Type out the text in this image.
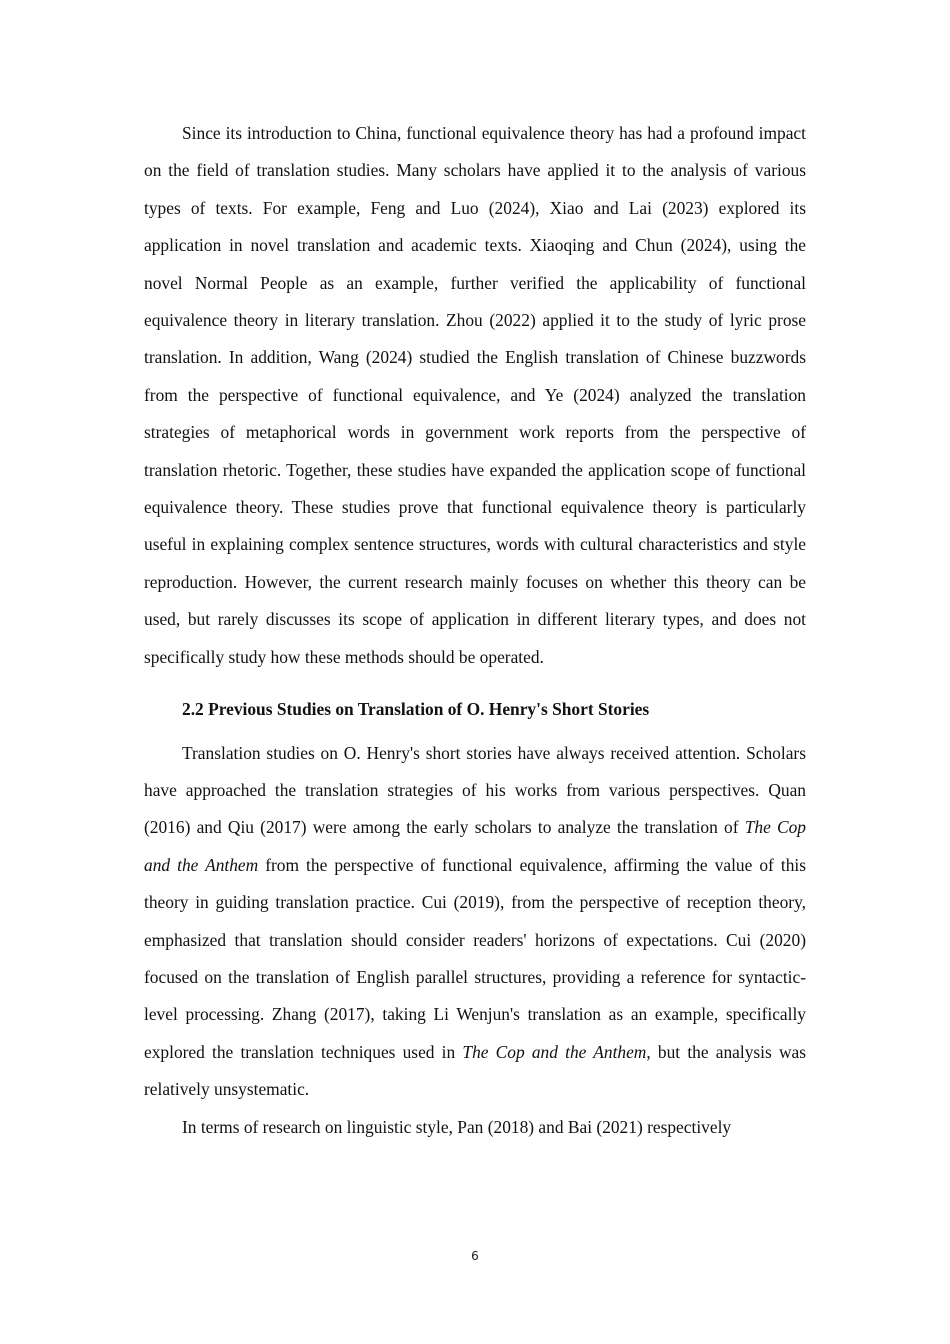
Since its introduction to China, functional equivalence theory has had a profound impact on the field of translation studies. Many scholars have applied it to the analysis of various types of texts. For example, Feng and Luo (2024), Xiao and Lai (2023) explored its application in novel translation and academic texts. Xiaoqing and Chun (2024), using the novel Normal People as an example, further verified the applicability of functional equivalence theory in literary translation. Zhou (2022) applied it to the study of lyric prose translation. In addition, Wang (2024) studied the English translation of Chinese buzzwords from the perspective of functional equivalence, and Ye (2024) analyzed the translation strategies of metaphorical words in government work reports from the perspective of translation rhetoric. Together, these studies have expanded the application scope of functional equivalence theory. These studies prove that functional equivalence theory is particularly useful in explaining complex sentence structures, words with cultural characteristics and style reproduction. However, the current research mainly focuses on whether this theory can be used, but rarely discusses its scope of application in different literary types, and does not specifically study how these methods should be operated.

2.2 Previous Studies on Translation of O. Henry's Short Stories

Translation studies on O. Henry's short stories have always received attention. Scholars have approached the translation strategies of his works from various perspectives. Quan (2016) and Qiu (2017) were among the early scholars to analyze the translation of The Cop and the Anthem from the perspective of functional equivalence, affirming the value of this theory in guiding translation practice. Cui (2019), from the perspective of reception theory, emphasized that translation should consider readers' horizons of expectations. Cui (2020) focused on the translation of English parallel structures, providing a reference for syntactic-level processing. Zhang (2017), taking Li Wenjun's translation as an example, specifically explored the translation techniques used in The Cop and the Anthem, but the analysis was relatively unsystematic.

In terms of research on linguistic style, Pan (2018) and Bai (2021) respectively

6
